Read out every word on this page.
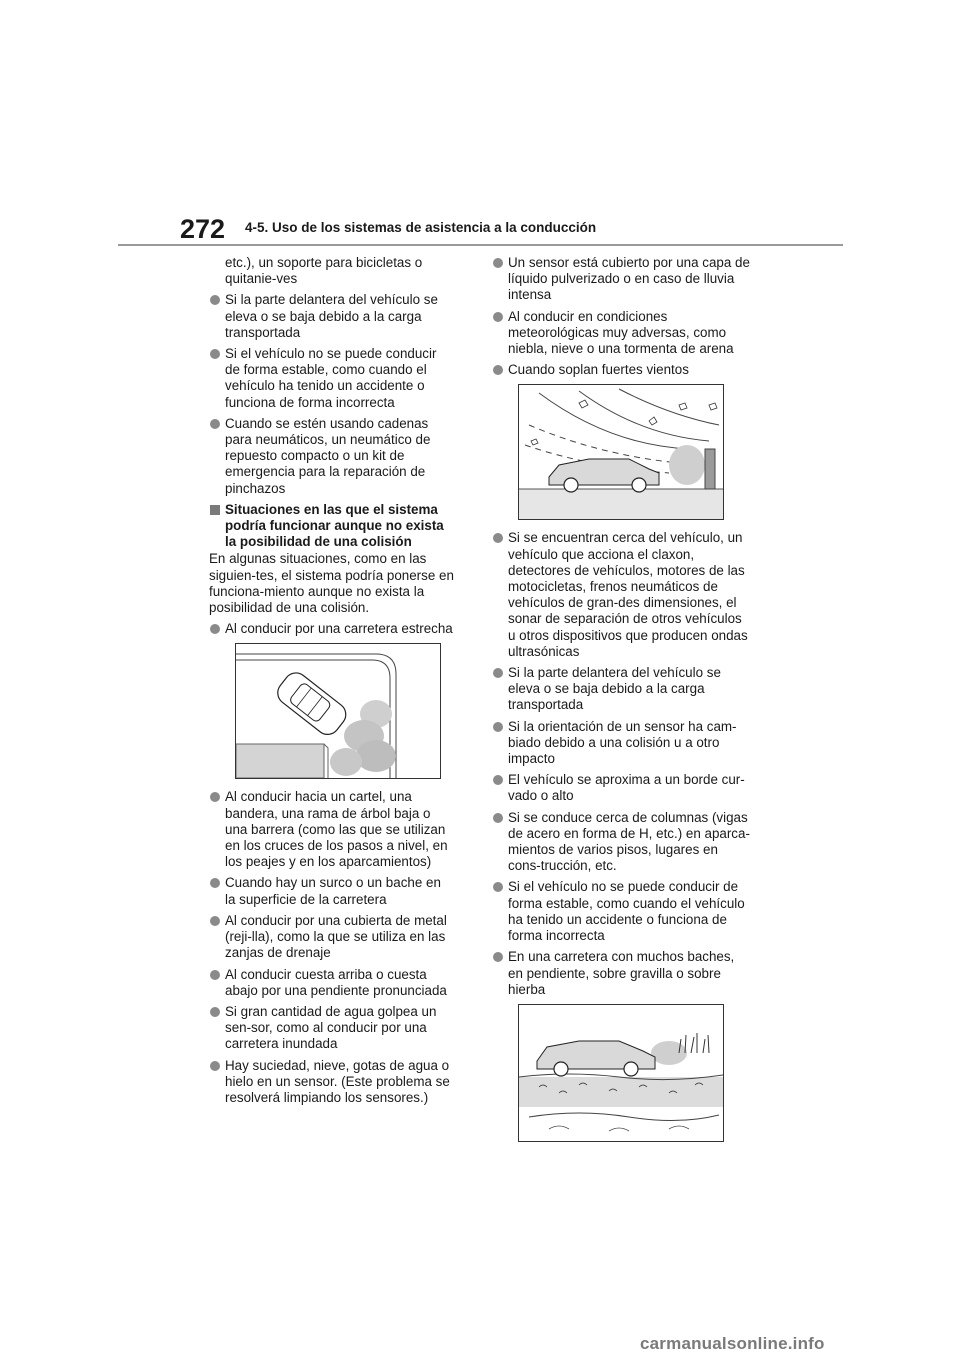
272 4-5. Uso de los sistemas de asistencia a la conducción
etc.), un soporte para bicicletas o quitanie-ves
Si la parte delantera del vehículo se eleva o se baja debido a la carga transportada
Si el vehículo no se puede conducir de forma estable, como cuando el vehículo ha tenido un accidente o funciona de forma incorrecta
Cuando se estén usando cadenas para neumáticos, un neumático de repuesto compacto o un kit de emergencia para la reparación de pinchazos
Situaciones en las que el sistema podría funcionar aunque no exista la posibilidad de una colisión
En algunas situaciones, como en las siguien-tes, el sistema podría ponerse en funciona-miento aunque no exista la posibilidad de una colisión.
Al conducir por una carretera estrecha
Al conducir hacia un cartel, una bandera, una rama de árbol baja o una barrera (como las que se utilizan en los cruces de los pasos a nivel, en los peajes y en los aparcamientos)
Cuando hay un surco o un bache en la superficie de la carretera
Al conducir por una cubierta de metal (reji-lla), como la que se utiliza en las zanjas de drenaje
Al conducir cuesta arriba o cuesta abajo por una pendiente pronunciada
Si gran cantidad de agua golpea un sen-sor, como al conducir por una carretera inundada
Hay suciedad, nieve, gotas de agua o hielo en un sensor. (Este problema se resolverá limpiando los sensores.)
Un sensor está cubierto por una capa de líquido pulverizado o en caso de lluvia intensa
Al conducir en condiciones meteorológicas muy adversas, como niebla, nieve o una tormenta de arena
Cuando soplan fuertes vientos
Si se encuentran cerca del vehículo, un vehículo que acciona el claxon, detectores de vehículos, motores de las motocicletas, frenos neumáticos de vehículos de gran-des dimensiones, el sonar de separación de otros vehículos u otros dispositivos que producen ondas ultrasónicas
Si la parte delantera del vehículo se eleva o se baja debido a la carga transportada
Si la orientación de un sensor ha cam-biado debido a una colisión u a otro impacto
El vehículo se aproxima a un borde cur-vado o alto
Si se conduce cerca de columnas (vigas de acero en forma de H, etc.) en aparca-mientos de varios pisos, lugares en cons-trucción, etc.
Si el vehículo no se puede conducir de forma estable, como cuando el vehículo ha tenido un accidente o funciona de forma incorrecta
En una carretera con muchos baches, en pendiente, sobre gravilla o sobre hierba
carmanualsonline.info
